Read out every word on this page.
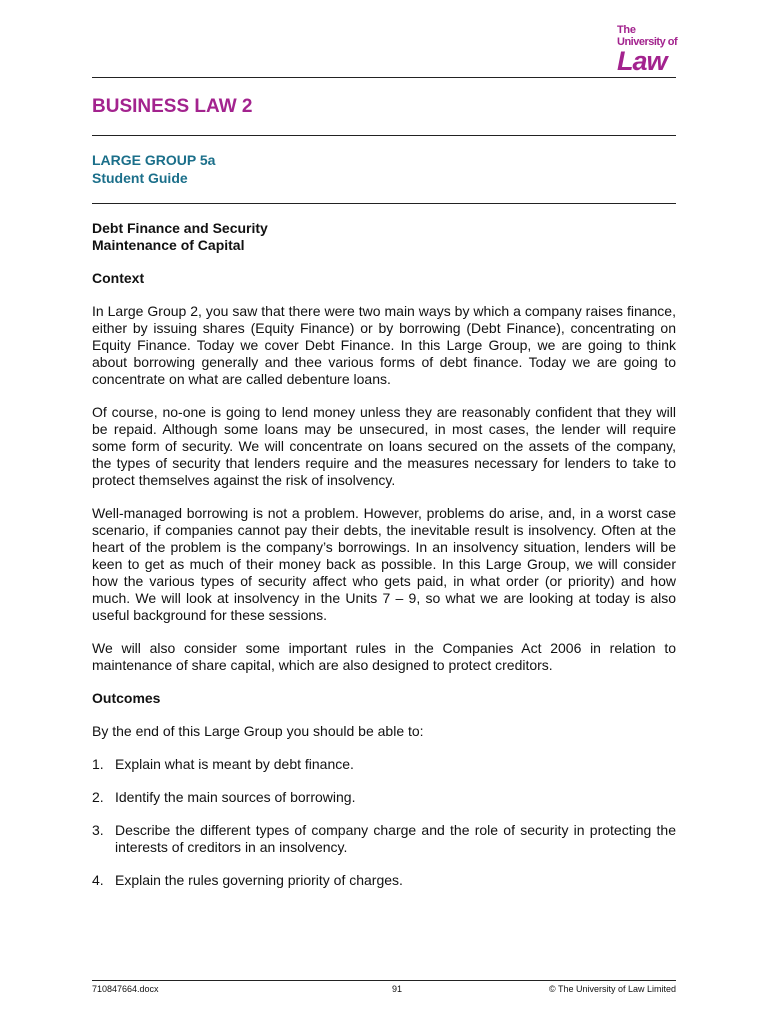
The
University of
Law
BUSINESS LAW 2
LARGE GROUP 5a
Student Guide
Debt Finance and Security
Maintenance of Capital
Context

In Large Group 2, you saw that there were two main ways by which a company raises finance, either by issuing shares (Equity Finance) or by borrowing (Debt Finance), concentrating on Equity Finance. Today we cover Debt Finance. In this Large Group, we are going to think about borrowing generally and thee various forms of debt finance. Today we are going to concentrate on what are called debenture loans.

Of course, no-one is going to lend money unless they are reasonably confident that they will be repaid. Although some loans may be unsecured, in most cases, the lender will require some form of security. We will concentrate on loans secured on the assets of the company, the types of security that lenders require and the measures necessary for lenders to take to protect themselves against the risk of insolvency.

Well-managed borrowing is not a problem. However, problems do arise, and, in a worst case scenario, if companies cannot pay their debts, the inevitable result is insolvency. Often at the heart of the problem is the company’s borrowings. In an insolvency situation, lenders will be keen to get as much of their money back as possible. In this Large Group, we will consider how the various types of security affect who gets paid, in what order (or priority) and how much. We will look at insolvency in the Units 7 – 9, so what we are looking at today is also useful background for these sessions.

We will also consider some important rules in the Companies Act 2006 in relation to maintenance of share capital, which are also designed to protect creditors.

Outcomes

By the end of this Large Group you should be able to:

1. Explain what is meant by debt finance.
2. Identify the main sources of borrowing.
3. Describe the different types of company charge and the role of security in protecting the interests of creditors in an insolvency.
4. Explain the rules governing priority of charges.
710847664.docx	91	© The University of Law Limited
